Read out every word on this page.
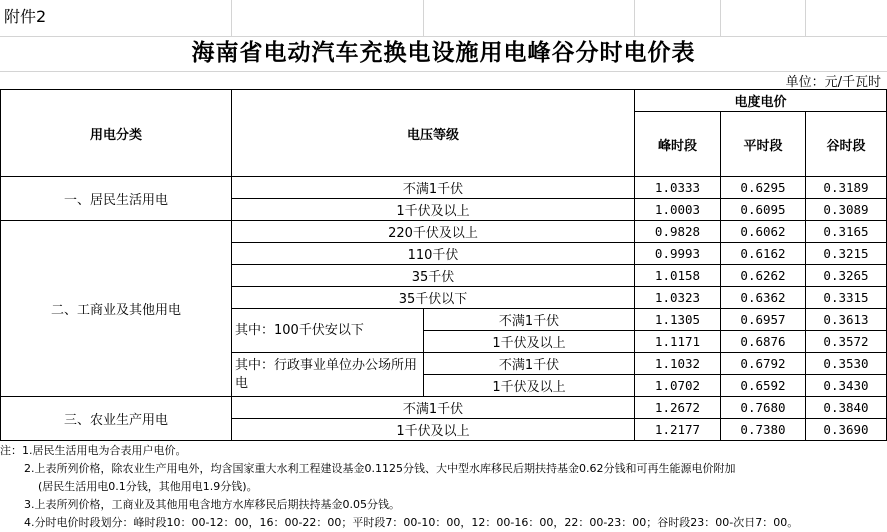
附件2
海南省电动汽车充换电设施用电峰谷分时电价表
单位：元/千瓦时
用电分类	电压等级		电度电价		
			峰时段	平时段	谷时段
一、居民生活用电	不满1千伏		1.0333	0.6295	0.3189
	1千伏及以上		1.0003	0.6095	0.3089
二、工商业及其他用电	220千伏及以上		0.9828	0.6062	0.3165
	110千伏		0.9993	0.6162	0.3215
	35千伏		1.0158	0.6262	0.3265
	35千伏以下		1.0323	0.6362	0.3315
	其中：100千伏安以下	不满1千伏	1.1305	0.6957	0.3613
		1千伏及以上	1.1171	0.6876	0.3572
	其中：行政事业单位办公场所用电	不满1千伏	1.1032	0.6792	0.3530
		1千伏及以上	1.0702	0.6592	0.3430
三、农业生产用电	不满1千伏		1.2672	0.7680	0.3840
	1千伏及以上		1.2177	0.7380	0.3690
注：1.居民生活用电为合表用户电价。
2.上表所列价格，除农业生产用电外，均含国家重大水利工程建设基金0.1125分钱、大中型水库移民后期扶持基金0.62分钱和可再生能源电价附加
(居民生活用电0.1分钱，其他用电1.9分钱)。
3.上表所列价格，工商业及其他用电含地方水库移民后期扶持基金0.05分钱。
4.分时电价时段划分：峰时段10：00-12：00，16：00-22：00；平时段7：00-10：00，12：00-16：00，22：00-23：00；谷时段23：00-次日7：00。
